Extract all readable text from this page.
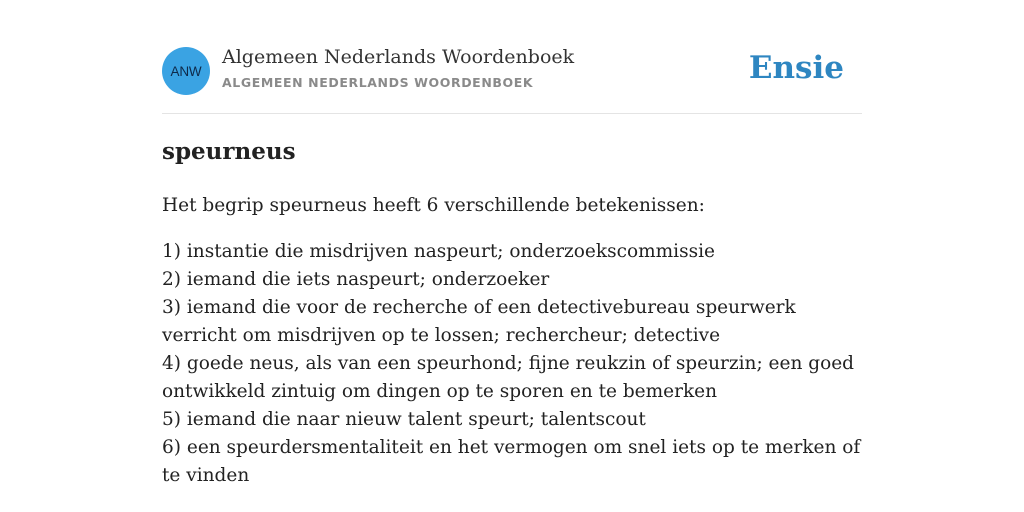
ANW
Algemeen Nederlands Woordenboek
ALGEMEEN NEDERLANDS WOORDENBOEK	Ensie
speurneus

Het begrip speurneus heeft 6 verschillende betekenissen:

1) instantie die misdrijven naspeurt; onderzoekscommissie
2) iemand die iets naspeurt; onderzoeker
3) iemand die voor de recherche of een detectivebureau speurwerk verricht om misdrijven op te lossen; rechercheur; detective
4) goede neus, als van een speurhond; fijne reukzin of speurzin; een goed ontwikkeld zintuig om dingen op te sporen en te bemerken
5) iemand die naar nieuw talent speurt; talentscout
6) een speurdersmentaliteit en het vermogen om snel iets op te merken of te vinden
